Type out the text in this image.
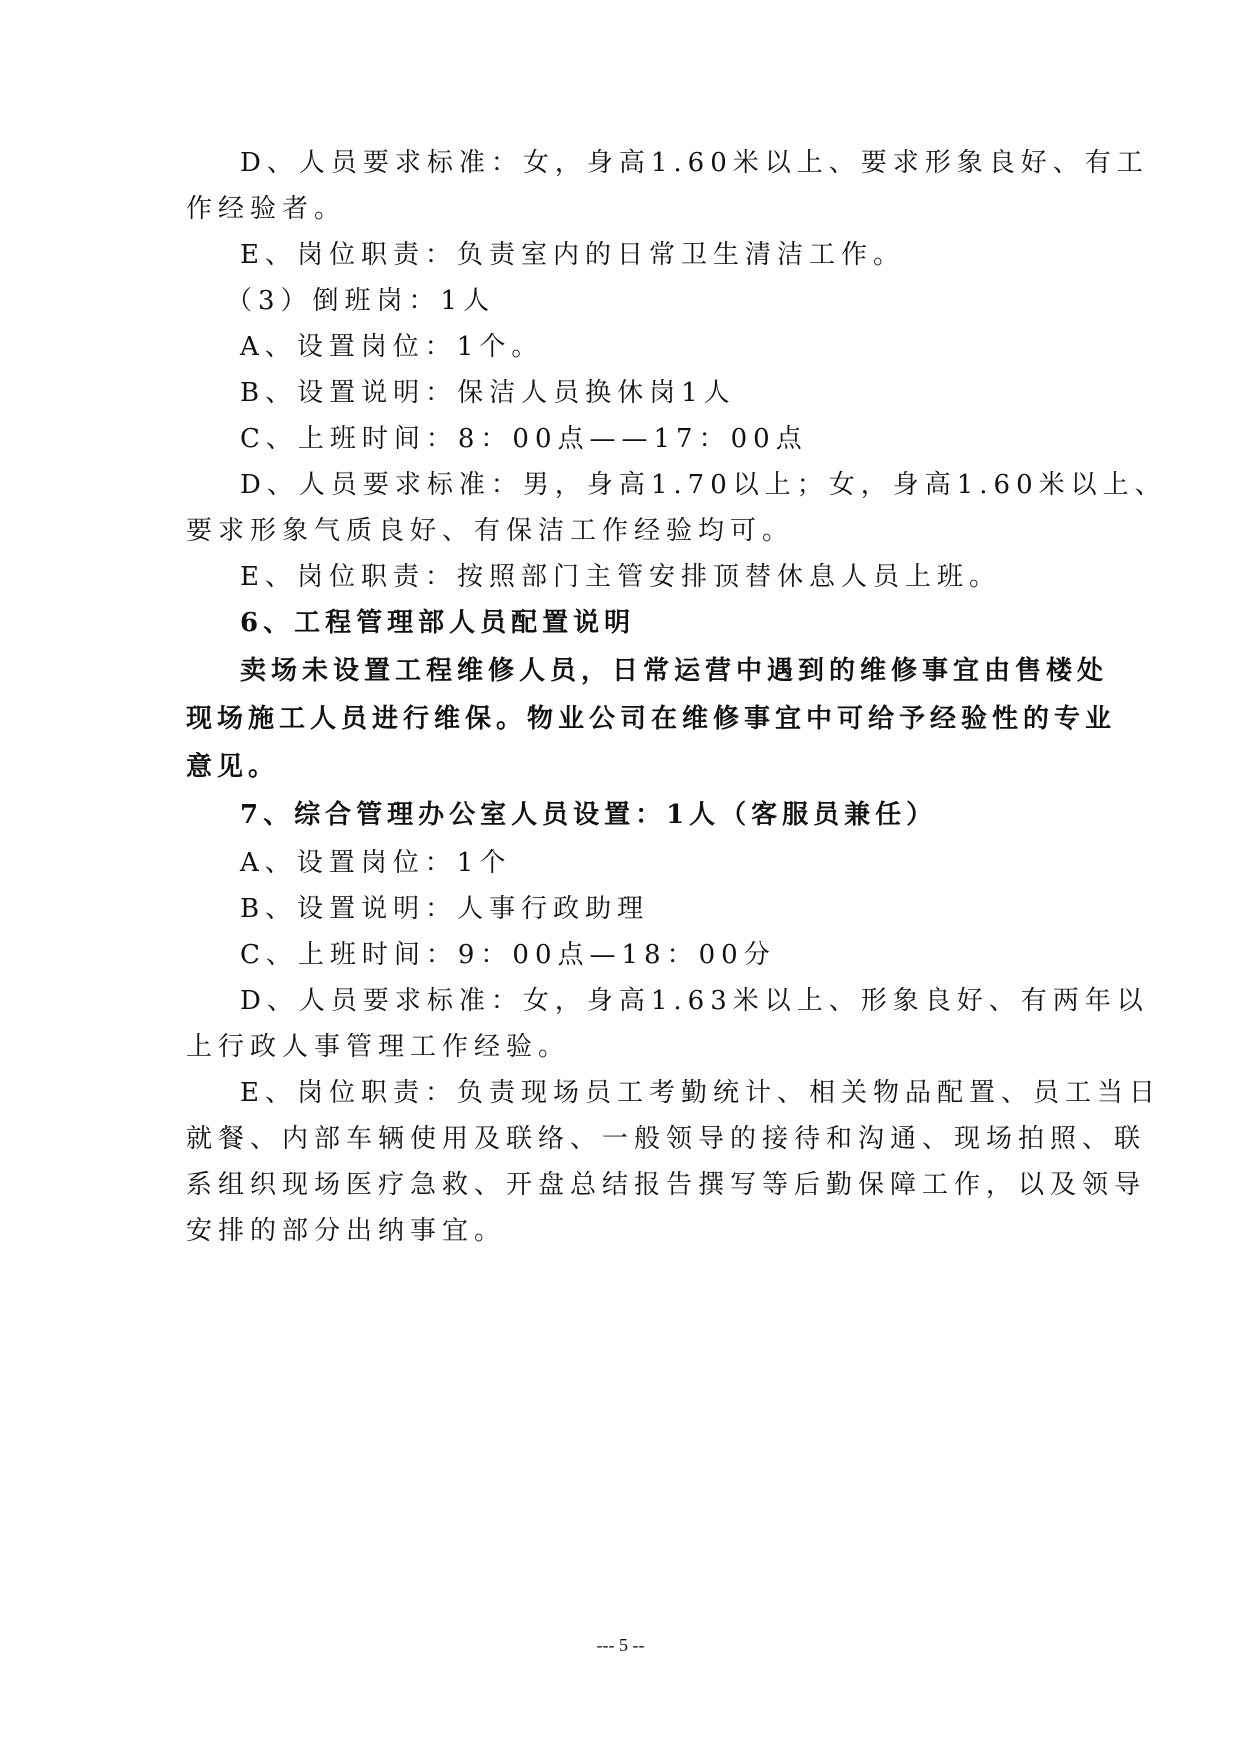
D、人员要求标准：女，身高1.60米以上、要求形象良好、有工
作经验者。
E、岗位职责：负责室内的日常卫生清洁工作。
（3）倒班岗：1人
A、设置岗位：1个。
B、设置说明：保洁人员换休岗1人
C、上班时间：8：00点——17：00点
D、人员要求标准：男，身高1.70以上；女，身高1.60米以上、
要求形象气质良好、有保洁工作经验均可。
E、岗位职责：按照部门主管安排顶替休息人员上班。
6、工程管理部人员配置说明
卖场未设置工程维修人员，日常运营中遇到的维修事宜由售楼处
现场施工人员进行维保。物业公司在维修事宜中可给予经验性的专业
意见。
7、综合管理办公室人员设置：1人（客服员兼任）
A、设置岗位：1个
B、设置说明：人事行政助理
C、上班时间：9：00点—18：00分
D、人员要求标准：女，身高1.63米以上、形象良好、有两年以
上行政人事管理工作经验。
E、岗位职责：负责现场员工考勤统计、相关物品配置、员工当日
就餐、内部车辆使用及联络、一般领导的接待和沟通、现场拍照、联
系组织现场医疗急救、开盘总结报告撰写等后勤保障工作，以及领导
安排的部分出纳事宜。
--- 5 --
